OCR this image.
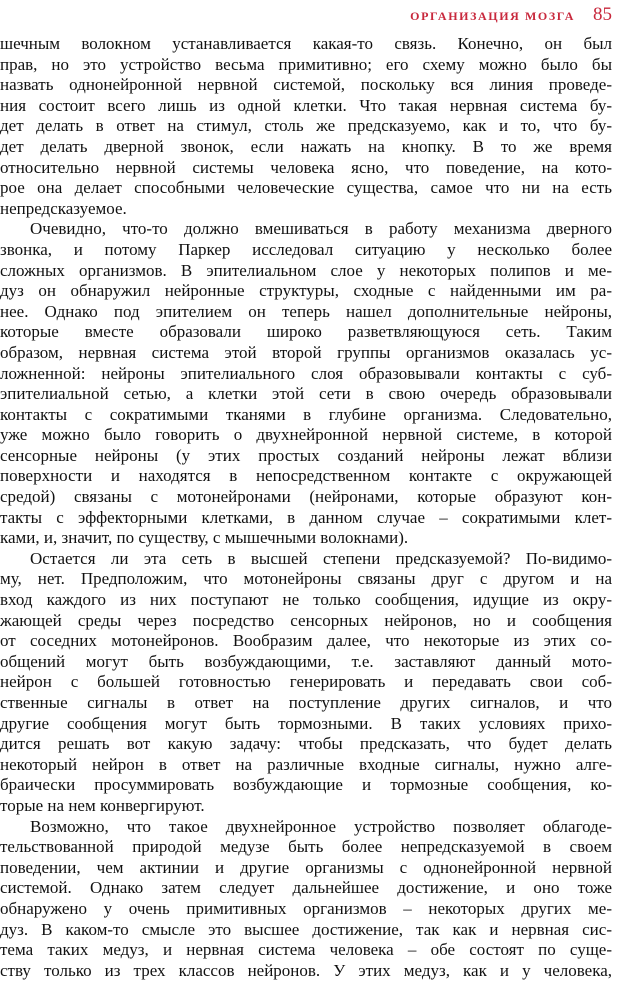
ОРГАНИЗАЦИЯ МОЗГА 85
шечным волокном устанавливается какая-то связь. Конечно, он был
прав, но это устройство весьма примитивно; его схему можно было бы
назвать однонейронной нервной системой, поскольку вся линия проведе-
ния состоит всего лишь из одной клетки. Что такая нервная система бу-
дет делать в ответ на стимул, столь же предсказуемо, как и то, что бу-
дет делать дверной звонок, если нажать на кнопку. В то же время
относительно нервной системы человека ясно, что поведение, на кото-
рое она делает способными человеческие существа, самое что ни на есть
непредсказуемое.
Очевидно, что-то должно вмешиваться в работу механизма дверного
звонка, и потому Паркер исследовал ситуацию у несколько более
сложных организмов. В эпителиальном слое у некоторых полипов и ме-
дуз он обнаружил нейронные структуры, сходные с найденными им ра-
нее. Однако под эпителием он теперь нашел дополнительные нейроны,
которые вместе образовали широко разветвляющуюся сеть. Таким
образом, нервная система этой второй группы организмов оказалась ус-
ложненной: нейроны эпителиального слоя образовывали контакты с суб-
эпителиальной сетью, а клетки этой сети в свою очередь образовывали
контакты с сократимыми тканями в глубине организма. Следовательно,
уже можно было говорить о двухнейронной нервной системе, в которой
сенсорные нейроны (у этих простых созданий нейроны лежат вблизи
поверхности и находятся в непосредственном контакте с окружающей
средой) связаны с мотонейронами (нейронами, которые образуют кон-
такты с эффекторными клетками, в данном случае – сократимыми клет-
ками, и, значит, по существу, с мышечными волокнами).
Остается ли эта сеть в высшей степени предсказуемой? По-видимо-
му, нет. Предположим, что мотонейроны связаны друг с другом и на
вход каждого из них поступают не только сообщения, идущие из окру-
жающей среды через посредство сенсорных нейронов, но и сообщения
от соседних мотонейронов. Вообразим далее, что некоторые из этих со-
общений могут быть возбуждающими, т.е. заставляют данный мото-
нейрон с большей готовностью генерировать и передавать свои соб-
ственные сигналы в ответ на поступление других сигналов, и что
другие сообщения могут быть тормозными. В таких условиях прихо-
дится решать вот какую задачу: чтобы предсказать, что будет делать
некоторый нейрон в ответ на различные входные сигналы, нужно алге-
браически просуммировать возбуждающие и тормозные сообщения, ко-
торые на нем конвергируют.
Возможно, что такое двухнейронное устройство позволяет облагоде-
тельствованной природой медузе быть более непредсказуемой в своем
поведении, чем актинии и другие организмы с однонейронной нервной
системой. Однако затем следует дальнейшее достижение, и оно тоже
обнаружено у очень примитивных организмов – некоторых других ме-
дуз. В каком-то смысле это высшее достижение, так как и нервная сис-
тема таких медуз, и нервная система человека – обе состоят по суще-
ству только из трех классов нейронов. У этих медуз, как и у человека,
